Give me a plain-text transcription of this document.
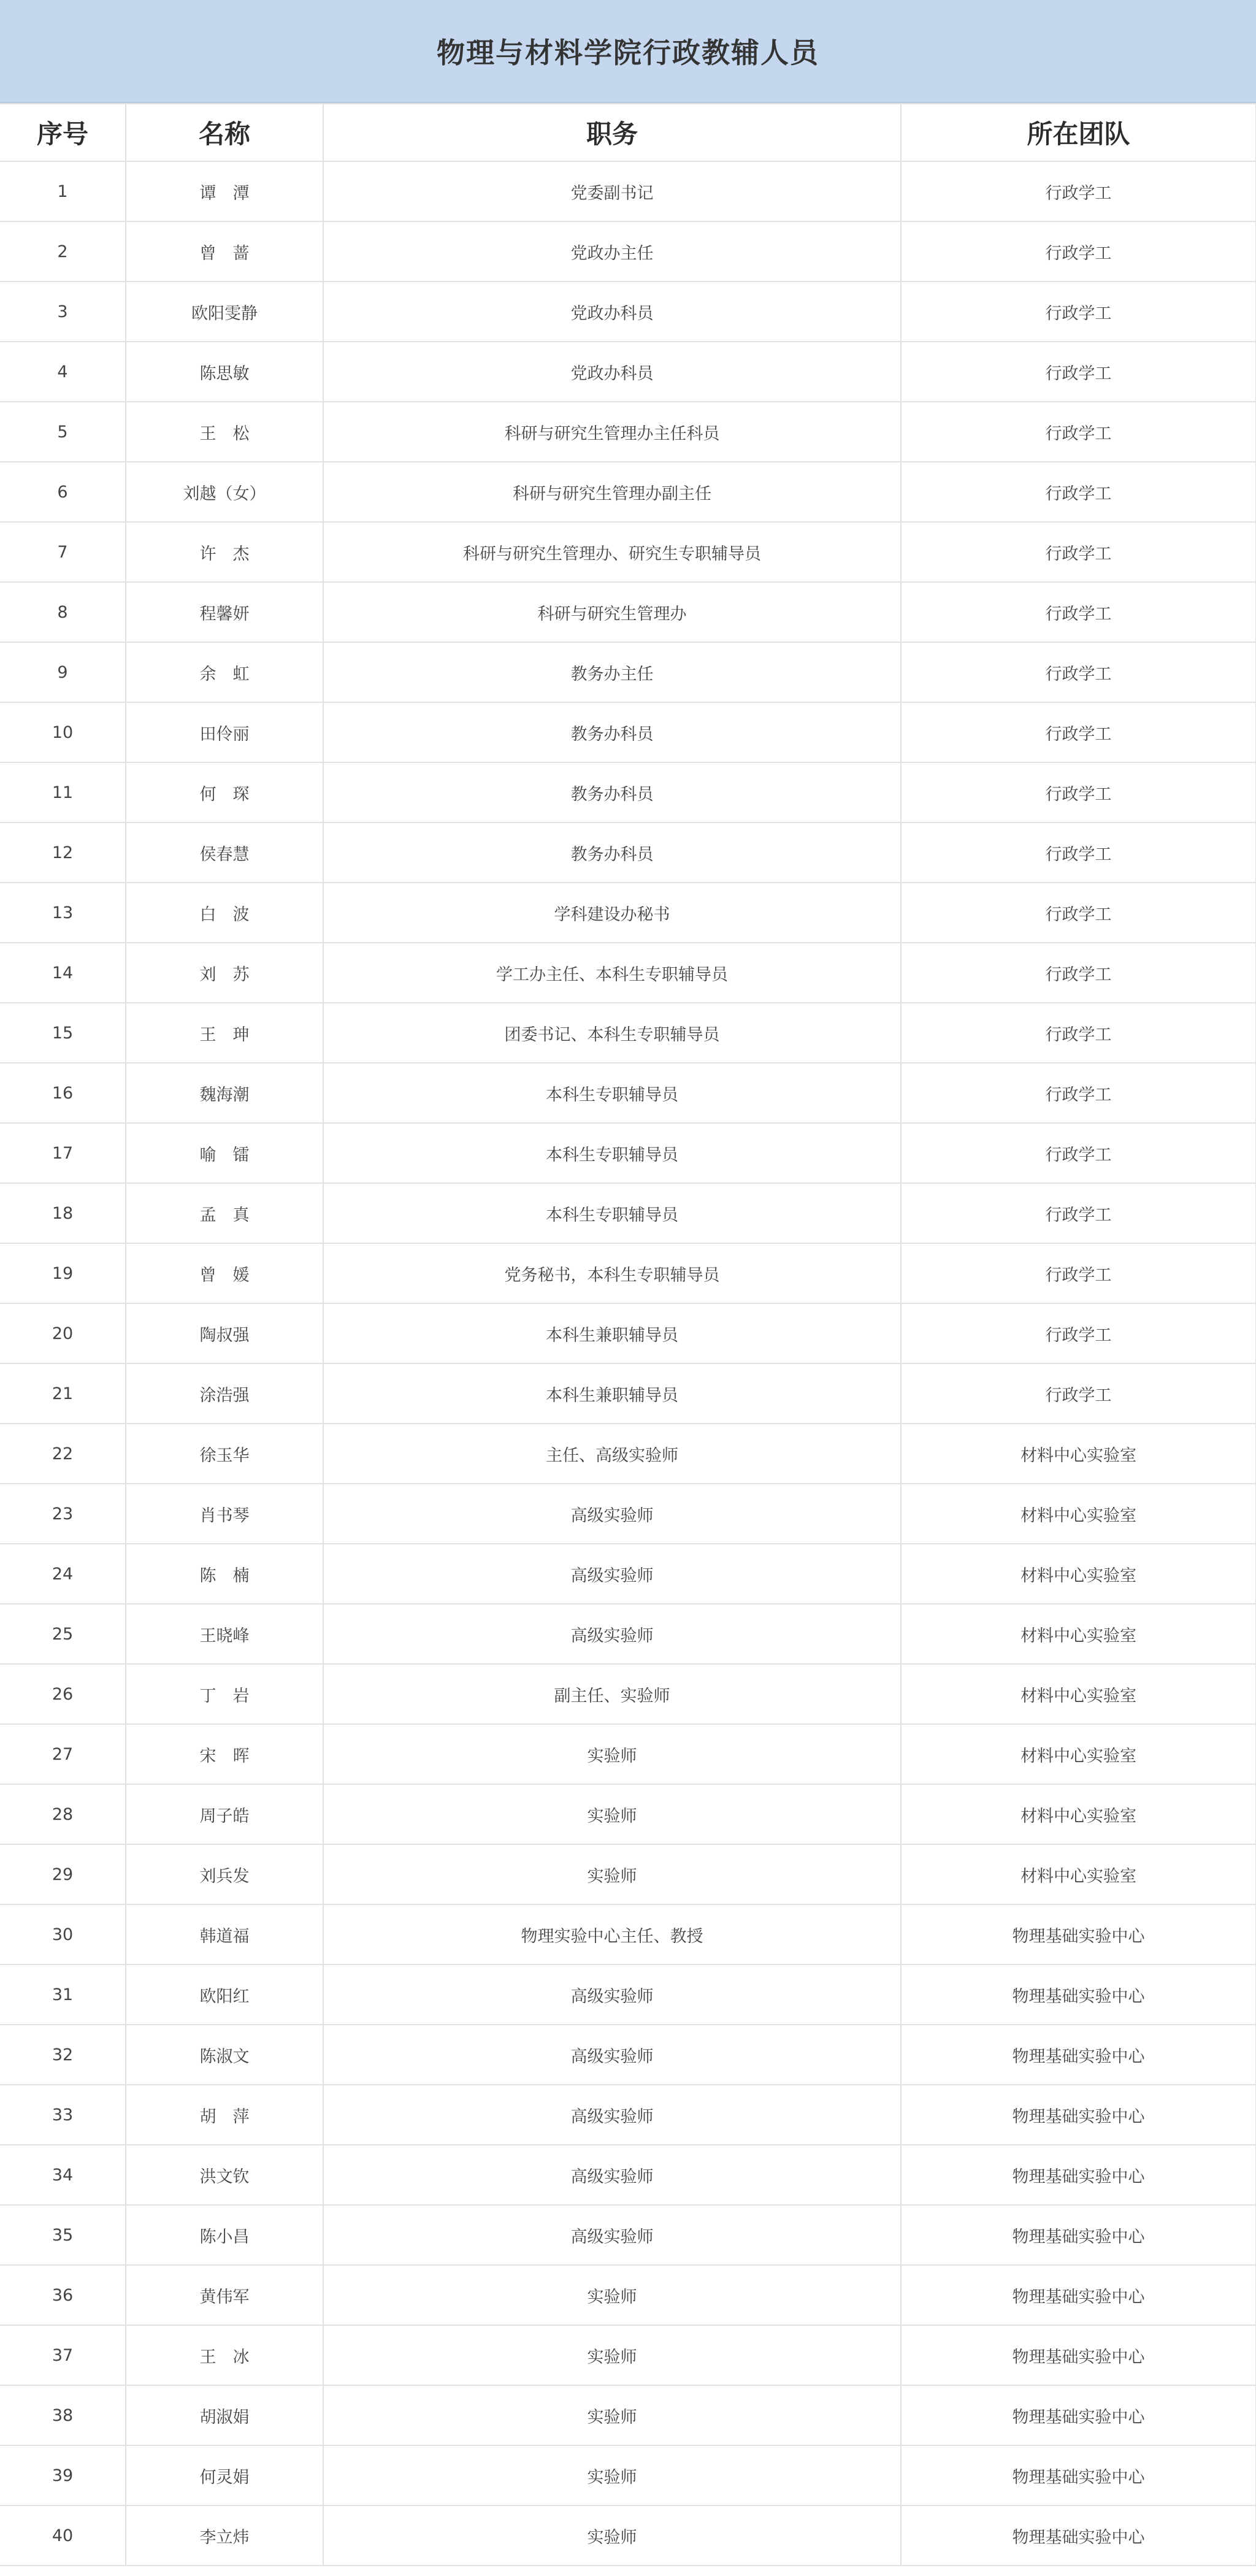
物理与材料学院行政教辅人员
序号	名称	职务	所在团队
1	谭　潭	党委副书记	行政学工
2	曾　蔷	党政办主任	行政学工
3	欧阳雯静	党政办科员	行政学工
4	陈思敏	党政办科员	行政学工
5	王　松	科研与研究生管理办主任科员	行政学工
6	刘越（女）	科研与研究生管理办副主任	行政学工
7	许　杰	科研与研究生管理办、研究生专职辅导员	行政学工
8	程馨妍	科研与研究生管理办	行政学工
9	余　虹	教务办主任	行政学工
10	田伶丽	教务办科员	行政学工
11	何　琛	教务办科员	行政学工
12	侯春慧	教务办科员	行政学工
13	白　波	学科建设办秘书	行政学工
14	刘　苏	学工办主任、本科生专职辅导员	行政学工
15	王　珅	团委书记、本科生专职辅导员	行政学工
16	魏海潮	本科生专职辅导员	行政学工
17	喻　镭	本科生专职辅导员	行政学工
18	孟　真	本科生专职辅导员	行政学工
19	曾　媛	党务秘书，本科生专职辅导员	行政学工
20	陶叔强	本科生兼职辅导员	行政学工
21	涂浩强	本科生兼职辅导员	行政学工
22	徐玉华	主任、高级实验师	材料中心实验室
23	肖书琴	高级实验师	材料中心实验室
24	陈　楠	高级实验师	材料中心实验室
25	王晓峰	高级实验师	材料中心实验室
26	丁　岩	副主任、实验师	材料中心实验室
27	宋　晖	实验师	材料中心实验室
28	周子皓	实验师	材料中心实验室
29	刘兵发	实验师	材料中心实验室
30	韩道福	物理实验中心主任、教授	物理基础实验中心
31	欧阳红	高级实验师	物理基础实验中心
32	陈淑文	高级实验师	物理基础实验中心
33	胡　萍	高级实验师	物理基础实验中心
34	洪文钦	高级实验师	物理基础实验中心
35	陈小昌	高级实验师	物理基础实验中心
36	黄伟军	实验师	物理基础实验中心
37	王　冰	实验师	物理基础实验中心
38	胡淑娟	实验师	物理基础实验中心
39	何灵娟	实验师	物理基础实验中心
40	李立炜	实验师	物理基础实验中心
